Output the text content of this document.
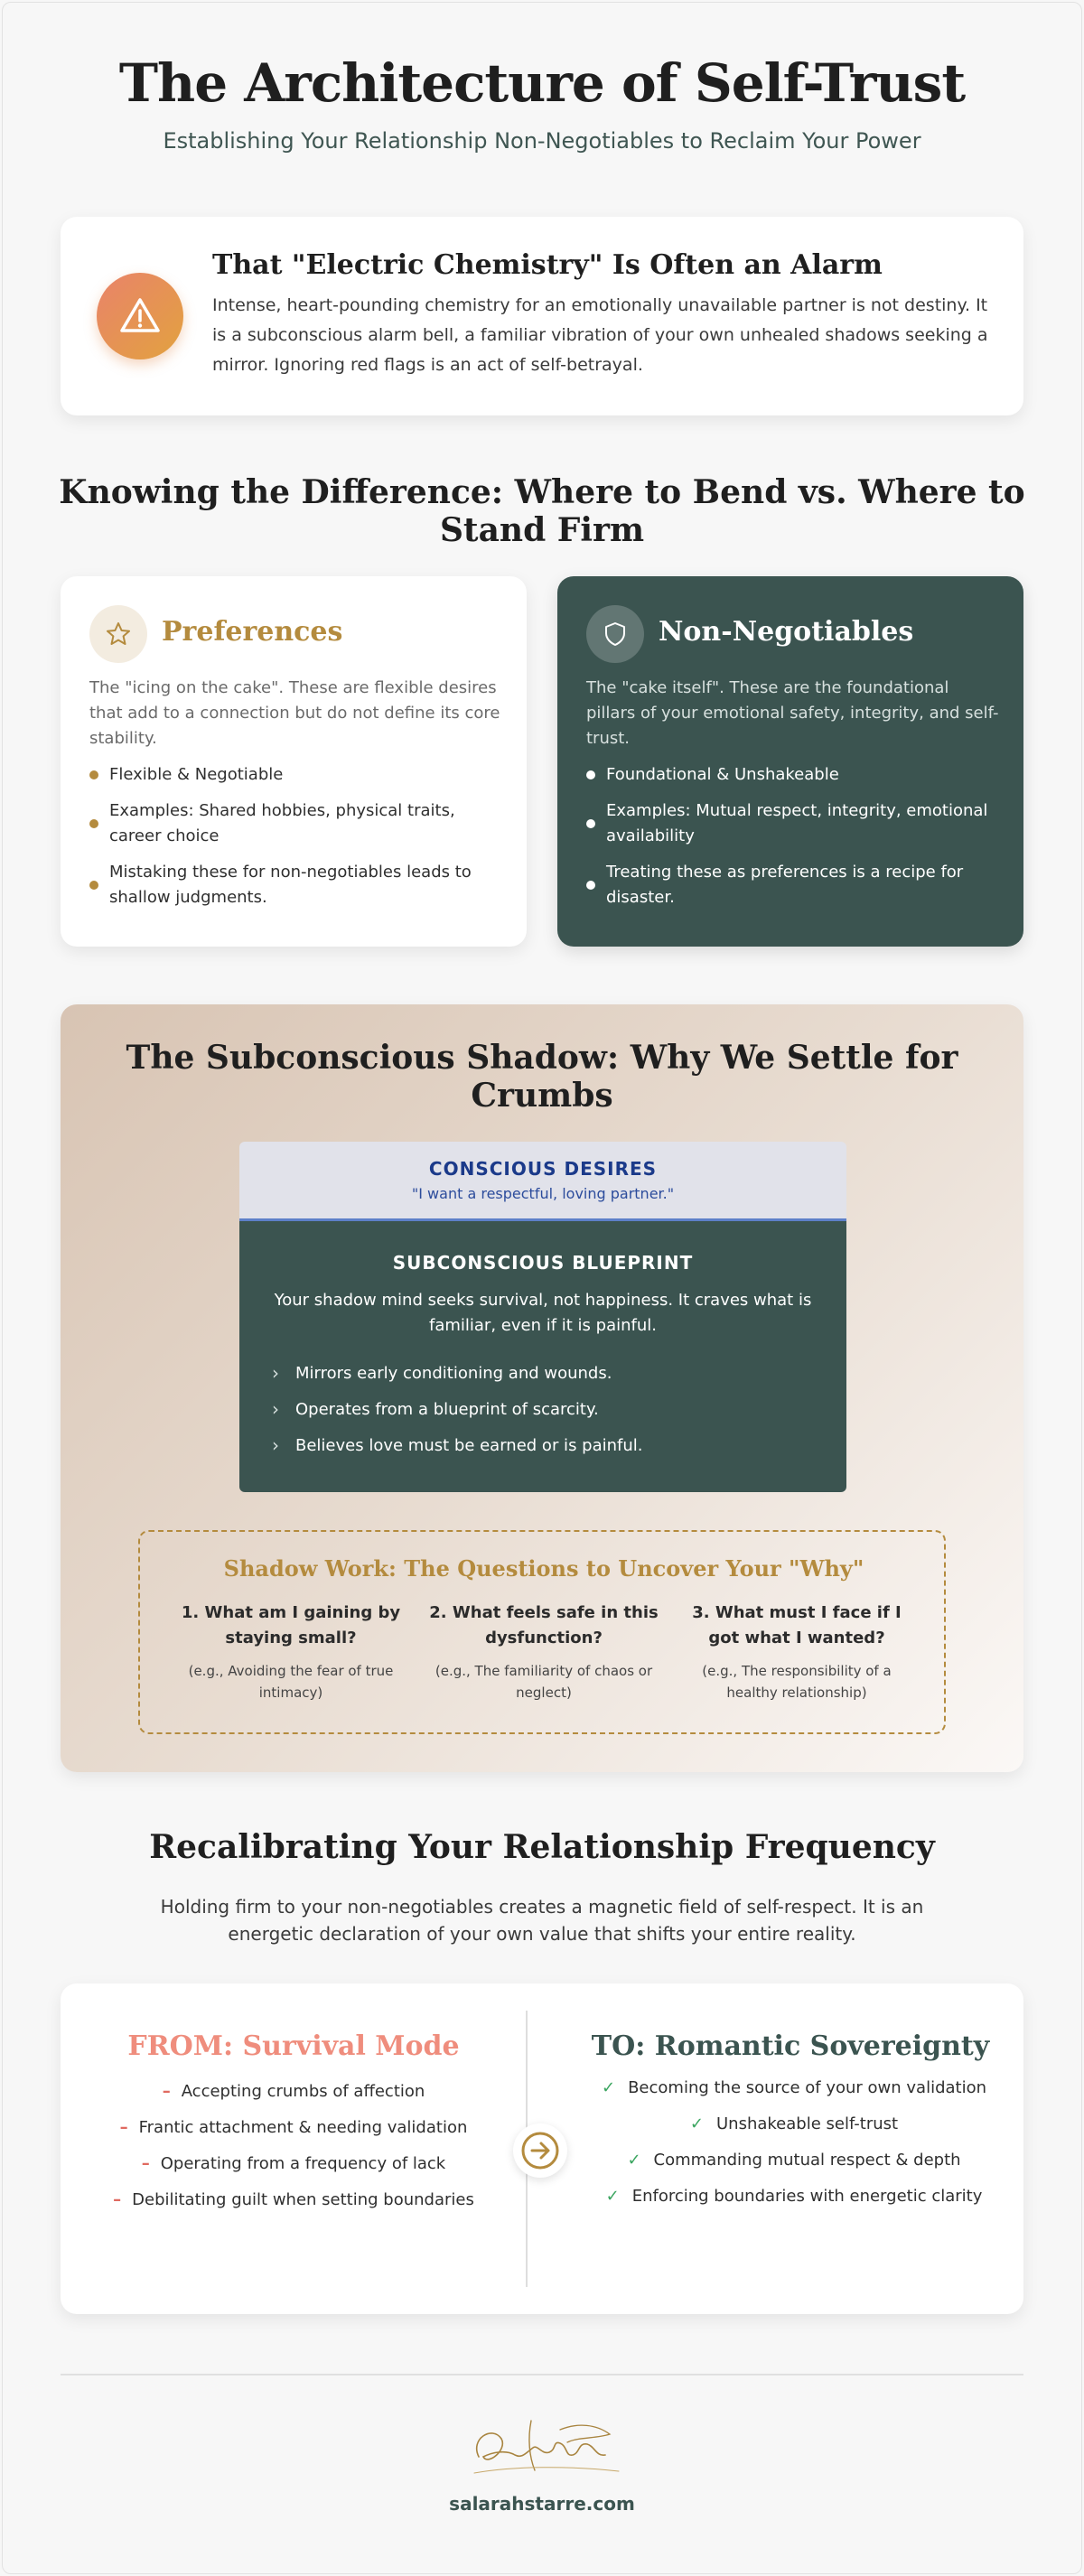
The Architecture of Self-Trust

Establishing Your Relationship Non-Negotiables to Reclaim Your Power

That "Electric Chemistry" Is Often an Alarm

Intense, heart-pounding chemistry for an emotionally unavailable partner is not destiny. It is a subconscious alarm bell, a familiar vibration of your own unhealed shadows seeking a mirror. Ignoring red flags is an act of self-betrayal.

Knowing the Difference: Where to Bend vs. Where to Stand Firm
Preferences

The "icing on the cake". These are flexible desires that add to a connection but do not define its core stability.

Flexible & Negotiable
Examples: Shared hobbies, physical traits, career choice
Mistaking these for non-negotiables leads to shallow judgments.
Non-Negotiables

The "cake itself". These are the foundational pillars of your emotional safety, integrity, and self-trust.

Foundational & Unshakeable
Examples: Mutual respect, integrity, emotional availability
Treating these as preferences is a recipe for disaster.
The Subconscious Shadow: Why We Settle for Crumbs
CONSCIOUS DESIRES
"I want a respectful, loving partner."
SUBCONSCIOUS BLUEPRINT

Your shadow mind seeks survival, not happiness. It craves what is familiar, even if it is painful.

›	Mirrors early conditioning and wounds.
›	Operates from a blueprint of scarcity.
›	Believes love must be earned or is painful.
Shadow Work: The Questions to Uncover Your "Why"
1. What am I gaining by staying small?
(e.g., Avoiding the fear of true intimacy)
2. What feels safe in this dysfunction?
(e.g., The familiarity of chaos or neglect)
3. What must I face if I got what I wanted?
(e.g., The responsibility of a healthy relationship)
Recalibrating Your Relationship Frequency

Holding firm to your non-negotiables creates a magnetic field of self-respect. It is an energetic declaration of your own value that shifts your entire reality.

FROM: Survival Mode
– Accepting crumbs of affection
– Frantic attachment & needing validation
– Operating from a frequency of lack
– Debilitating guilt when setting boundaries
TO: Romantic Sovereignty
✓ Becoming the source of your own validation
✓ Unshakeable self-trust
✓ Commanding mutual respect & depth
✓ Enforcing boundaries with energetic clarity
salarahstarre.com
